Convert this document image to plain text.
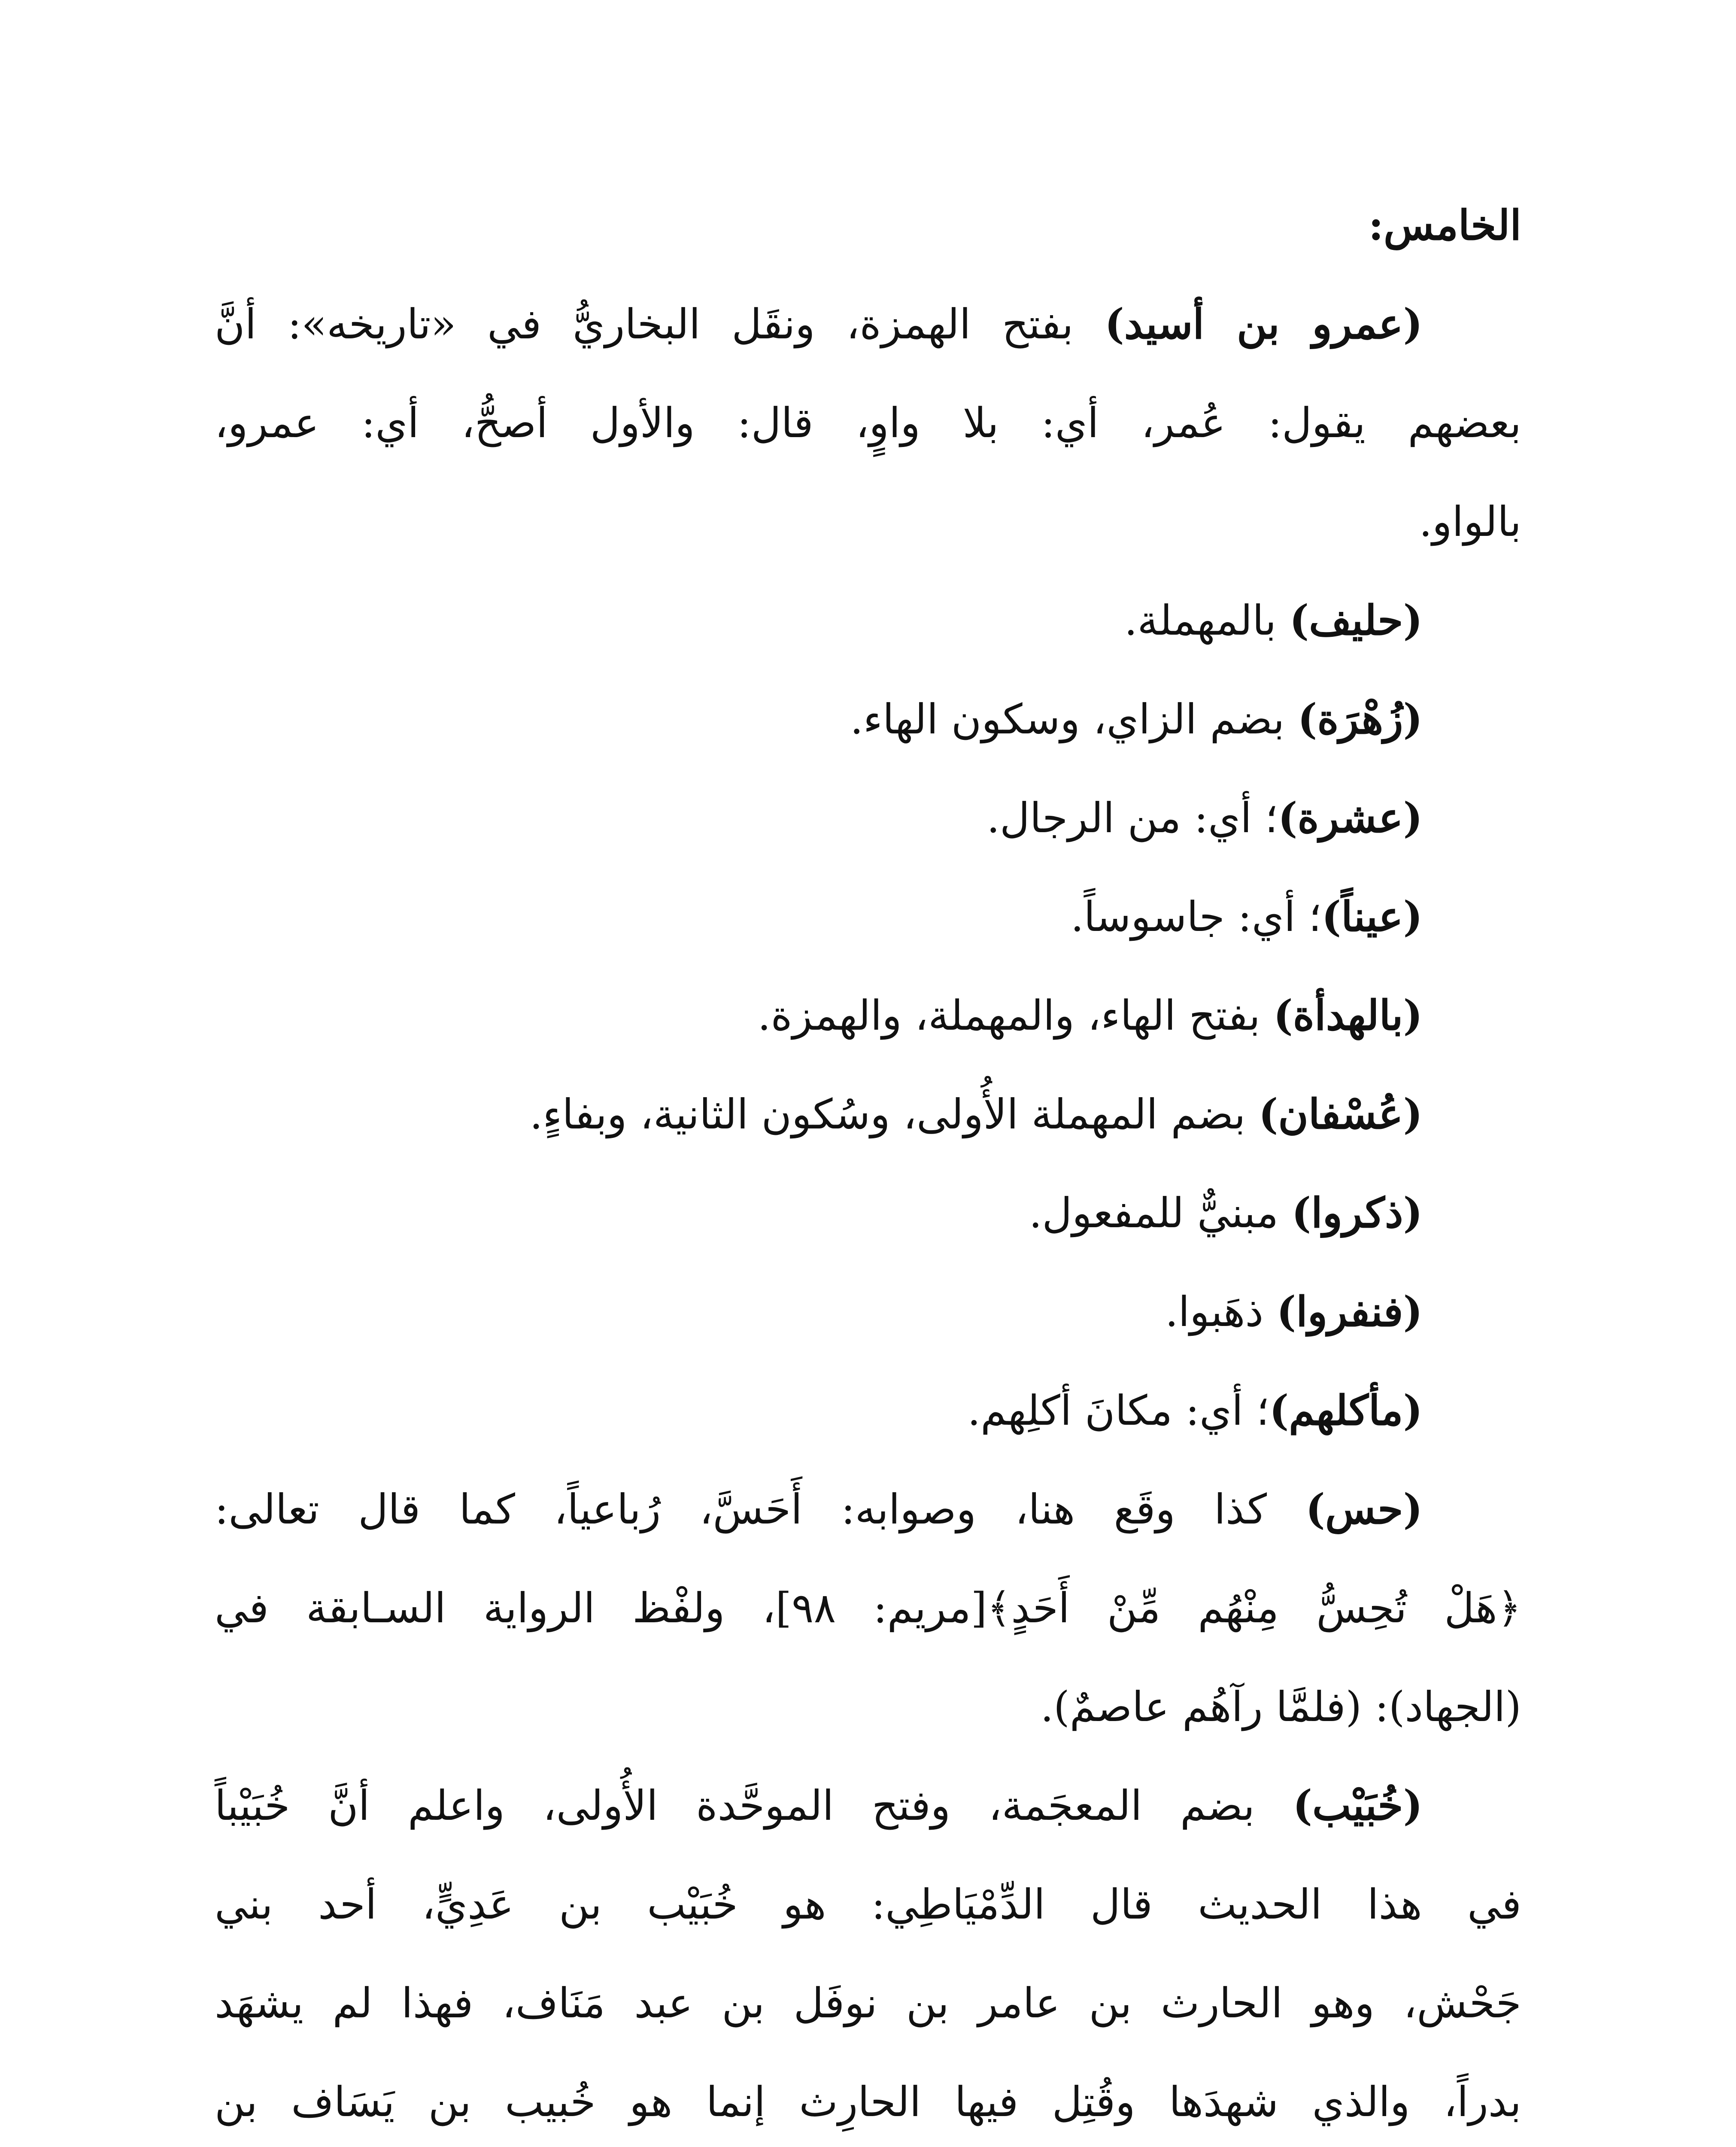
الخامس:
(عمرو بن أسيد) بفتح الهمزة، ونقَل البخاريُّ في «تاريخه»: أنَّ
بعضهم يقول: عُمر، أي: بلا واوٍ، قال: والأول أصحُّ، أي: عمرو،
بالواو.
(حليف) بالمهملة.
(زُهْرَة) بضم الزاي، وسكون الهاء.
(عشرة)؛ أي: من الرجال.
(عيناً)؛ أي: جاسوساً.
(بالهدأة) بفتح الهاء، والمهملة، والهمزة.
(عُسْفان) بضم المهملة الأُولى، وسُكون الثانية، وبفاءٍ.
(ذكروا) مبنيٌّ للمفعول.
(فنفروا) ذهَبوا.
(مأكلهم)؛ أي: مكانَ أكلِهم.
(حس) كذا وقَع هنا، وصوابه: أَحَسَّ، رُباعياً، كما قال تعالى:
﴿هَلْ تُحِسُّ مِنْهُم مِّنْ أَحَدٍ﴾[مريم: ٩٨]، ولفْظ الرواية السـابقة في
(الجهاد): (فلمَّا رآهُم عاصمٌ).
(خُبَيْب) بضم المعجَمة، وفتح الموحَّدة الأُولى، واعلم أنَّ خُبَيْباً
في هذا الحديث قال الدِّمْيَاطِي: هو خُبَيْب بن عَدِيٍّ، أحد بني
جَحْش، وهو الحارث بن عامر بن نوفَل بن عبد مَنَاف، فهذا لم يشهَد
بدراً، والذي شهدَها وقُتِل فيها الحارِث إنما هو خُبيب بن يَسَاف بن
